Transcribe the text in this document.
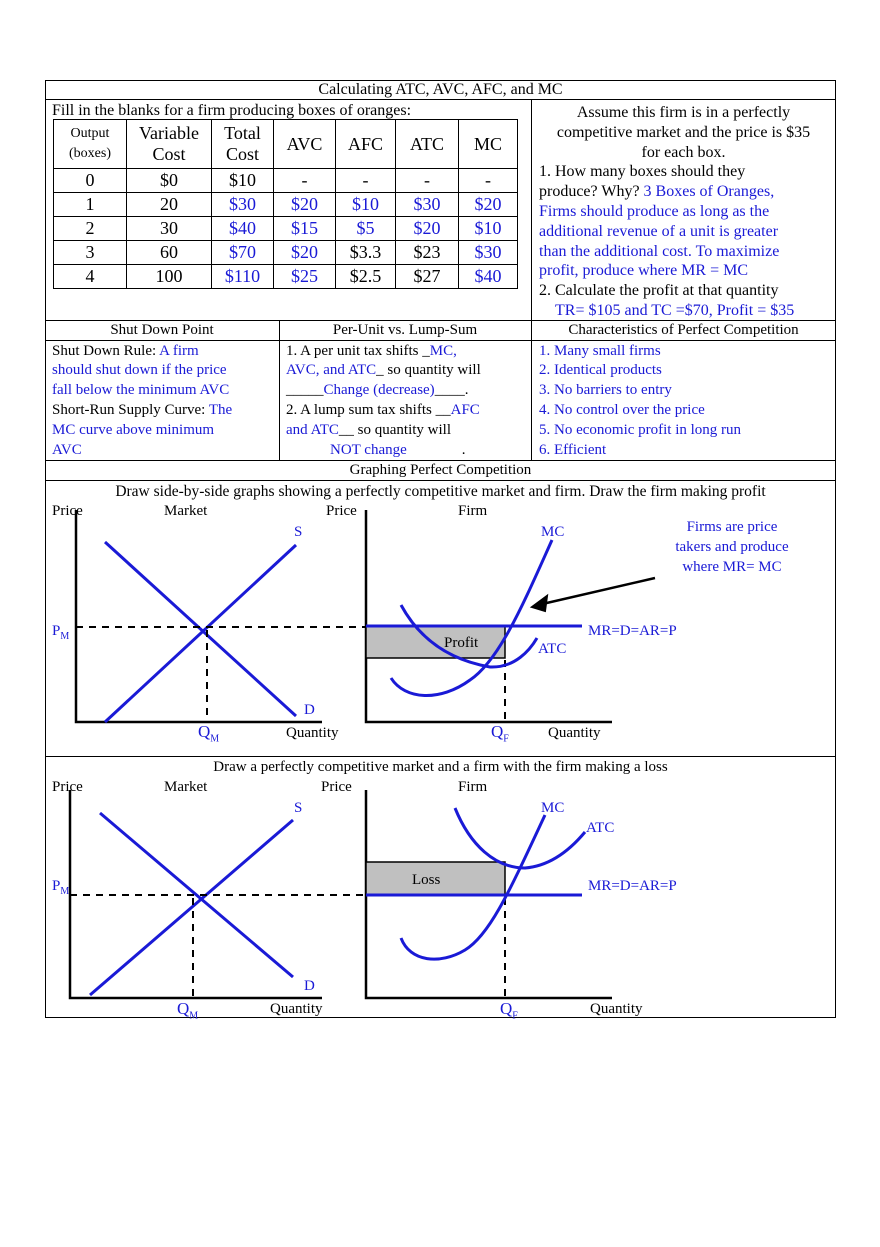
Calculating ATC, AVC, AFC, and MC
Fill in the blanks for a firm producing boxes of oranges:
Output (boxes)	Variable Cost	Total Cost	AVC	AFC	ATC	MC
0	$0	$10	-	-	-	-
1	20	$30	$20	$10	$30	$20
2	30	$40	$15	$5	$20	$10
3	60	$70	$20	$3.3	$23	$30
4	100	$110	$25	$2.5	$27	$40
Assume this firm is in a perfectly
competitive market and the price is $35
for each box.
1. How many boxes should they
produce? Why? 3 Boxes of Oranges,
Firms should produce as long as the
additional revenue of a unit is greater
than the additional cost. To maximize
profit, produce where MR = MC
2. Calculate the profit at that quantity
TR= $105 and TC =$70, Profit = $35
Shut Down Point	Per-Unit vs. Lump-Sum	Characteristics of Perfect Competition
Shut Down Rule: A firm
should shut down if the price
fall below the minimum AVC
Short-Run Supply Curve: The
MC curve above minimum
AVC
1. A per unit tax shifts _MC,
AVC, and ATC_ so quantity will
_____Change (decrease)____.
2. A lump sum tax shifts __AFC
and ATC__ so quantity will
NOT change	.
1. Many small firms
2. Identical products
3. No barriers to entry
4. No control over the price
5. No economic profit in long run
6. Efficient
Graphing Perfect Competition
Draw side-by-side graphs showing a perfectly competitive market and firm. Draw the firm making profit
Draw a perfectly competitive market and a firm with the firm making a loss
Price	Market	Price	Firm
S
D
MC
ATC
MR=D=AR=P
Profit
$P_M$
$Q_M$	Quantity	$Q_F$	Quantity
Firms are price
takers and produce
where MR= MC
Price	Market	Price	Firm
S
D
MC
ATC
MR=D=AR=P
Loss
$P_M$
$Q_M$	Quantity	$Q_F$	Quantity
